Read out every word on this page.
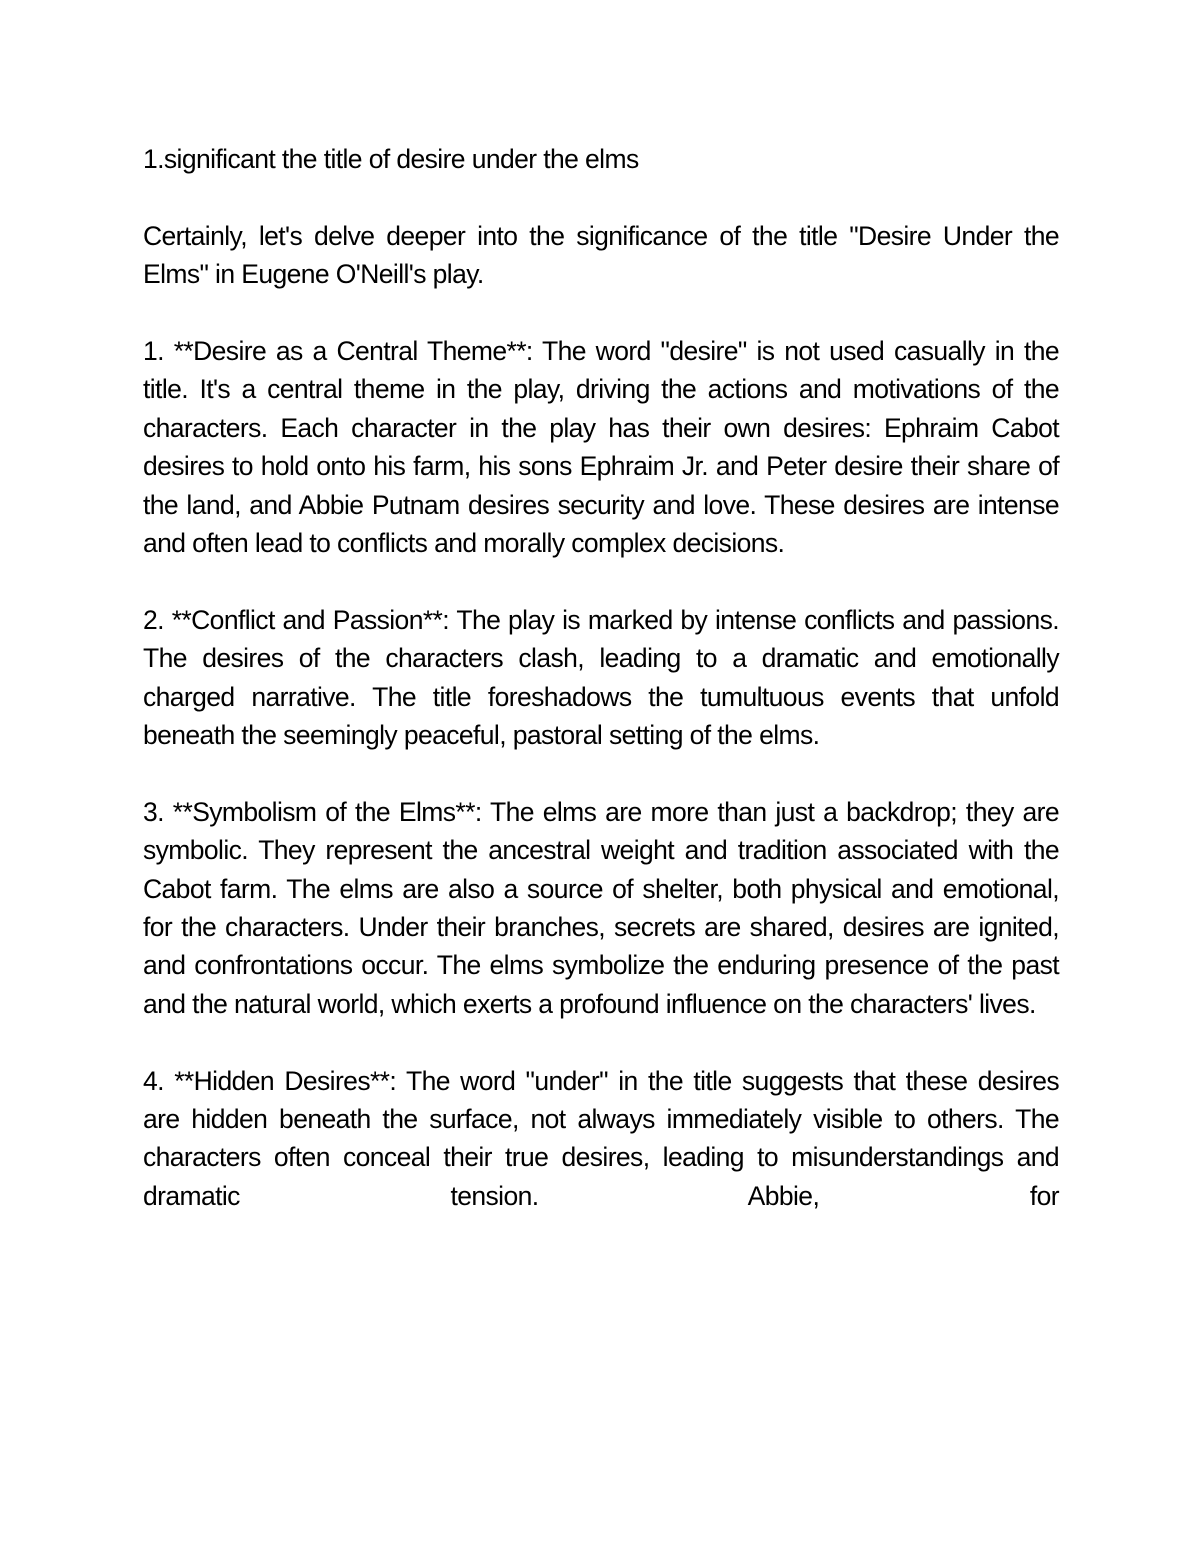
1.significant the title of desire under the elms

Certainly, let's delve deeper into the significance of the title "Desire Under the Elms" in Eugene O'Neill's play.

1. **Desire as a Central Theme**: The word "desire" is not used casually in the title. It's a central theme in the play, driving the actions and motivations of the characters. Each character in the play has their own desires: Ephraim Cabot desires to hold onto his farm, his sons Ephraim Jr. and Peter desire their share of the land, and Abbie Putnam desires security and love. These desires are intense and often lead to conflicts and morally complex decisions.

2. **Conflict and Passion**: The play is marked by intense conflicts and passions. The desires of the characters clash, leading to a dramatic and emotionally charged narrative. The title foreshadows the tumultuous events that unfold beneath the seemingly peaceful, pastoral setting of the elms.

3. **Symbolism of the Elms**: The elms are more than just a backdrop; they are symbolic. They represent the ancestral weight and tradition associated with the Cabot farm. The elms are also a source of shelter, both physical and emotional, for the characters. Under their branches, secrets are shared, desires are ignited, and confrontations occur. The elms symbolize the enduring presence of the past and the natural world, which exerts a profound influence on the characters' lives.

4. **Hidden Desires**: The word "under" in the title suggests that these desires are hidden beneath the surface, not always immediately visible to others. The characters often conceal their true desires, leading to misunderstandings and dramatic tension. Abbie, for
